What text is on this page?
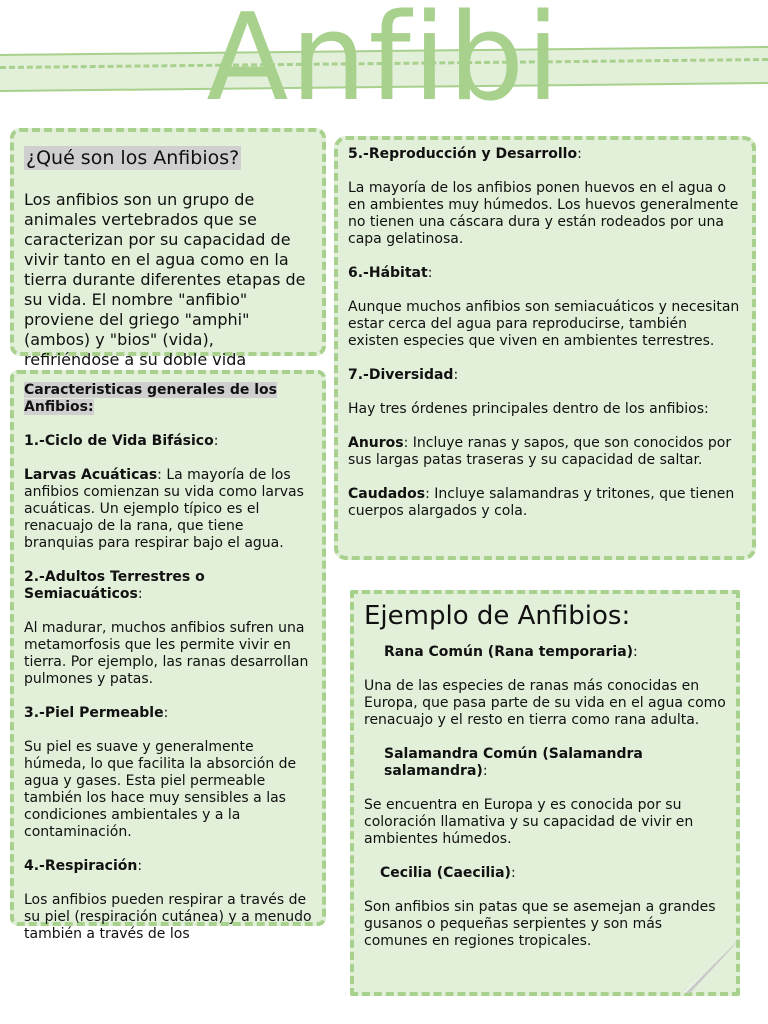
Anfibi
¿Qué son los Anfibios?
Los anfibios son un grupo de animales vertebrados que se caracterizan por su capacidad de vivir tanto en el agua como en la tierra durante diferentes etapas de su vida. El nombre "anfibio" proviene del griego "amphi" (ambos) y "bios" (vida), refiriéndose a su doble vida

Caracteristicas generales de los Anfibios:

1.-Ciclo de Vida Bifásico:

Larvas Acuáticas: La mayoría de los anfibios comienzan su vida como larvas acuáticas. Un ejemplo típico es el renacuajo de la rana, que tiene branquias para respirar bajo el agua.

2.-Adultos Terrestres o Semiacuáticos:

Al madurar, muchos anfibios sufren una metamorfosis que les permite vivir en tierra. Por ejemplo, las ranas desarrollan pulmones y patas.

3.-Piel Permeable:

Su piel es suave y generalmente húmeda, lo que facilita la absorción de agua y gases. Esta piel permeable también los hace muy sensibles a las condiciones ambientales y a la contaminación.

4.-Respiración:

Los anfibios pueden respirar a través de su piel (respiración cutánea) y a menudo también a través de los

5.-Reproducción y Desarrollo:

La mayoría de los anfibios ponen huevos en el agua o en ambientes muy húmedos. Los huevos generalmente no tienen una cáscara dura y están rodeados por una capa gelatinosa.

6.-Hábitat:

Aunque muchos anfibios son semiacuáticos y necesitan estar cerca del agua para reproducirse, también existen especies que viven en ambientes terrestres.

7.-Diversidad:

Hay tres órdenes principales dentro de los anfibios:

Anuros: Incluye ranas y sapos, que son conocidos por sus largas patas traseras y su capacidad de saltar.

Caudados: Incluye salamandras y tritones, que tienen cuerpos alargados y cola.

Ejemplo de Anfibios:

Rana Común (Rana temporaria):

Una de las especies de ranas más conocidas en Europa, que pasa parte de su vida en el agua como renacuajo y el resto en tierra como rana adulta.

Salamandra Común (Salamandra salamandra):

Se encuentra en Europa y es conocida por su coloración llamativa y su capacidad de vivir en ambientes húmedos.

Cecilia (Caecilia):

Son anfibios sin patas que se asemejan a grandes gusanos o pequeñas serpientes y son más comunes en regiones tropicales.
